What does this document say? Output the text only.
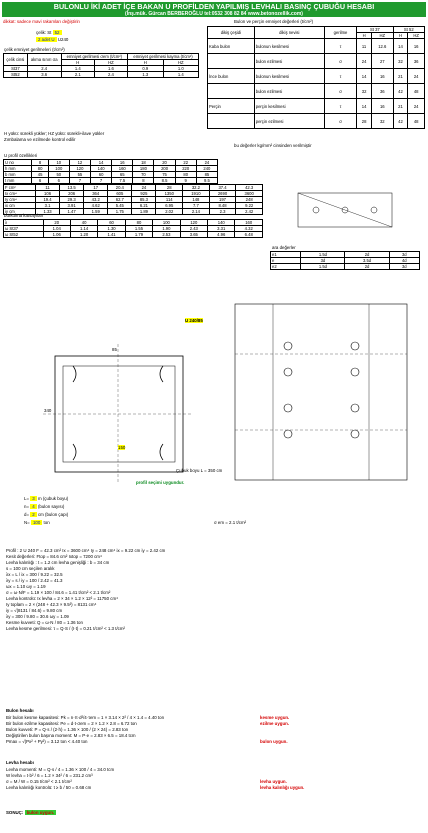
BULONLU İKİ ADET İÇE BAKAN U PROFİLDEN YAPILMIŞ LEVHALI BASINÇ ÇUBUĞU HESABI
(İnş.mük. Gürcan BERBEROĞLU tel:0532 308 82 84 www.betonozellik.com)
dikkat: sadece mavi rakamları değiştirin
çelik: St 52
2 adet U U240
çelik emniyet gerilmeleri (t/cm²)
çelik cinsi	akma sınırı σa	emniyet gerilmesi σem (t/cm²)		emniyet gerilmesi kayma (t/cm²)	
		H	HZ	H	HZ
St37	2.4	1.4	1.6	0.9	1.0
St52	3.6	2.1	2.4	1.3	1.4
H yükü: sürekli yükler; HZ yükü: sürekli+ilave yükler
Zımbalama ve ezilmede kontrol edilir
Bulon ve perçin emniyet değerleri (t/cm²)
dikiş çeşidi	dikiş nevisi	gerilme	St 37		St 52	
			H	HZ	H	HZ
Kaba bulon	bulonun kesilmesi	τ	11	12.6	14	16
	bulon ezilmesi	σ	24	27	32	36
İnce bulon	bulonun kesilmesi	τ	14	16	21	24
	bulon ezilmesi	σ	32	36	42	48
Perçin	perçin kesilmesi	τ	14	16	21	24
	perçin ezilmesi	σ	28	32	42	48
bu değerler kg/mm² cinsinden verilmiştir
U profil özellikleri
U no	8	10	12	14	16	18	20	22	24
h mm	80	100	120	140	160	180	200	220	240
b mm	45	50	55	60	65	70	75	80	85
t mm	6	6	7	7	7.5	8	8.5	9	9.5
F cm²	11	13.5	17	20.4	24	28	32.2	37.4	42.3
Ix cm⁴	106	206	364	605	925	1350	1910	2690	3600
Iy cm⁴	19.4	29.3	43.2	62.7	85.3	114	148	197	248
ix cm	3.1	3.91	4.62	5.45	6.21	6.95	7.7	8.48	9.22
iy cm	1.33	1.47	1.59	1.75	1.89	2.02	2.14	2.3	2.42
burkulma katsayıları
λ	20	40	60	80	100	120	140	160
ω St37	1.04	1.14	1.30	1.55	1.90	2.43	3.31	4.32
ω St52	1.06	1.20	1.41	1.79	2.53	3.65	4.96	6.48
ara değerler
e1	1.5d	2d	3d
e	3d	3.5d	4d
e2	1.5d	2d	3d
U 240/85
150
85
340
Çubuk boyu L = 350 cm
profil seçimi uygundur.
L= 3 m (çubuk boyu)
n= 4 (bulon sayısı)
d= 2 cm (bulon çapı)
N= 100 ton	σ em = 2.1 t/cm²
Profil : 2 U 240 F = 42.3 cm² Ix = 3600 cm⁴ Iy = 248 cm⁴ ix = 9.22 cm iy = 2.42 cm
Kesit değerleri: Ftop = 84.6 cm² Ixtop = 7200 cm⁴
Levha kalınlığı : t = 1.2 cm levha genişliği : b = 34 cm
s = 100 cm seçilen aralık
λx = L / ix = 300 / 9.22 = 32.5
λy = s / iy = 100 / 2.42 = 41.3
ωx = 1.10 ωy = 1.19
σ = ω·N/F = 1.19 × 100 / 84.6 = 1.41 t/cm² < 2.1 t/cm²
Levha kontrolü: Ix levha = 2 × 34 × 1.2 × 12² = 11750 cm⁴
Iy toplam = 2 × (248 + 42.3 × 9.5²) = 8131 cm⁴
iy = √(8131 / 84.6) = 9.80 cm
λy = 300 / 9.80 = 30.6 ωy = 1.09
Kesme kuvveti: Q = ω·N / 80 = 1.36 ton
Levha kesme gerilmesi: τ = Q·S / (I·t) = 0.21 t/cm² < 1.3 t/cm²
Bulon hesabı
Bir bulon kesme kapasitesi: Pk = n·π·d²/4·τem = 1 × 3.14 × 2² / 4 × 1.4 = 4.40 ton
Bir bulon ezilme kapasitesi: Pe = d·t·σem = 2 × 1.2 × 2.8 = 6.72 ton
Bulon kuvveti: P = Q·s / (2·h) = 1.36 × 100 / (2 × 24) = 2.83 ton
Değiştirilen bulon başına moment: M = P·e = 2.83 × 6.5 = 18.4 tcm
Pmax = √(Px² + Py²) = 3.12 ton < 4.40 ton
kesme uygun.
ezilme uygun.
bulon uygun.
Levha hesabı
Levha momenti: M = Q·s / 4 = 1.36 × 100 / 4 = 34.0 tcm
W levha = t·b² / 6 = 1.2 × 34² / 6 = 231.2 cm³
σ = M / W = 0.15 t/cm² < 2.1 t/cm²
Levha kalınlığı kontrolü: t ≥ b / 50 = 0.68 cm
levha uygun.
levha kalınlığı uygun.
SONUÇ: bulon uygun.
